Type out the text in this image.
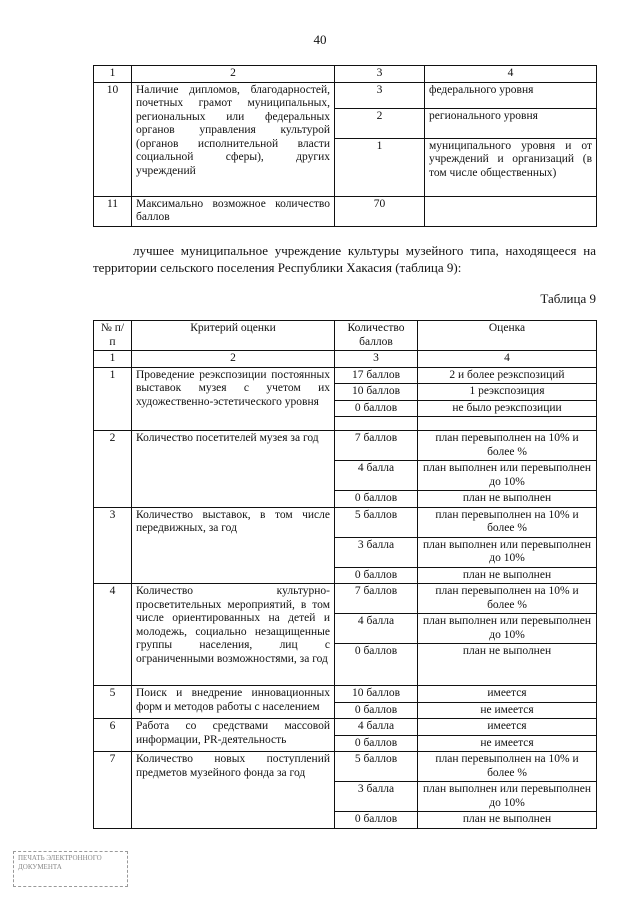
40
1	2	3	4
10	Наличие дипломов, благодарностей, почетных грамот муниципальных, региональных или федеральных органов управления культурой (органов исполнительной власти социальной сферы), других учреждений	3	федерального уровня
		2	регионального уровня
		1	муниципального уровня и от учреждений и организаций (в том числе общественных)
11	Максимально возможное количество баллов	70	
лучшее муниципальное учреждение культуры музейного типа, находящееся на территории сельского поселения Республики Хакасия (таблица 9):
Таблица 9
№ п/п	Критерий оценки	Количество баллов	Оценка
1	2	3	4
1	Проведение реэкспозиции постоянных выставок музея с учетом их художественно-эстетического уровня	17 баллов	2 и более реэкспозиций
		10 баллов	1 реэкспозиция
		0 баллов	не было реэкспозиции

2	Количество посетителей музея за год	7 баллов	план перевыполнен на 10% и более %
		4 балла	план выполнен или перевыполнен до 10%
		0 баллов	план не выполнен
3	Количество выставок, в том числе передвижных, за год	5 баллов	план перевыполнен на 10% и более %
		3 балла	план выполнен или перевыполнен до 10%
		0 баллов	план не выполнен
4	Количество культурно-просветительных мероприятий, в том числе ориентированных на детей и молодежь, социально незащищенные группы населения, лиц с ограниченными возможностями, за год	7 баллов	план перевыполнен на 10% и более %
		4 балла	план выполнен или перевыполнен до 10%
		0 баллов	план не выполнен
5	Поиск и внедрение инновационных форм и методов работы с населением	10 баллов	имеется
		0 баллов	не имеется
6	Работа со средствами массовой информации, PR-деятельность	4 балла	имеется
		0 баллов	не имеется
7	Количество новых поступлений предметов музейного фонда за год	5 баллов	план перевыполнен на 10% и более %
		3 балла	план выполнен или перевыполнен до 10%
		0 баллов	план не выполнен
ПЕЧАТЬ ЭЛЕКТРОННОГО ДОКУМЕНТА
